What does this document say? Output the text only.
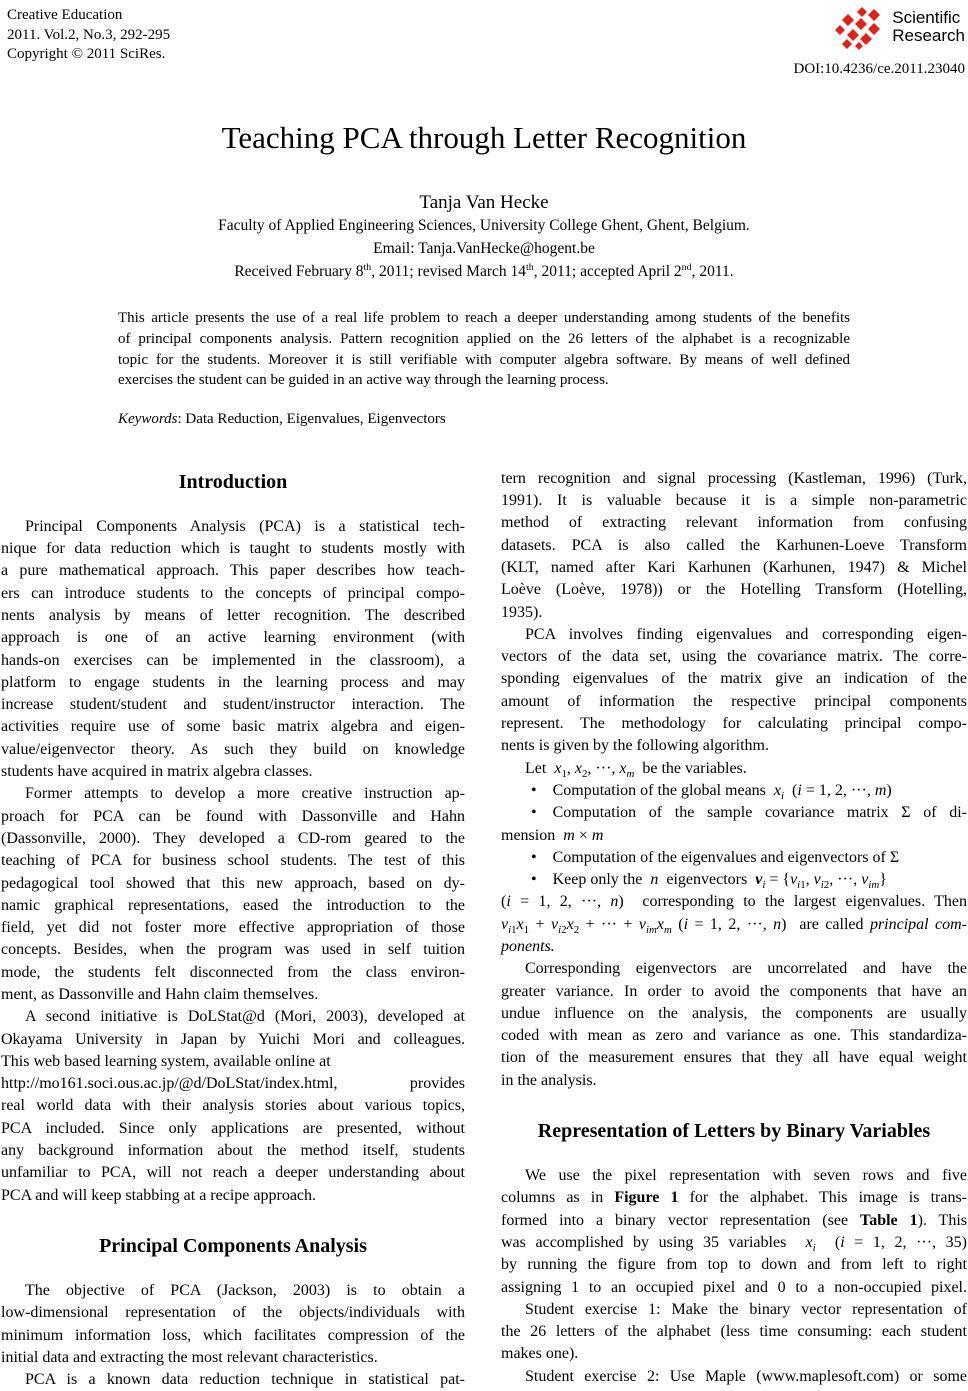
Creative Education
2011. Vol.2, No.3, 292-295
Copyright © 2011 SciRes.
Scientific
Research
DOI:10.4236/ce.2011.23040
Teaching PCA through Letter Recognition
Tanja Van Hecke
Faculty of Applied Engineering Sciences, University College Ghent, Ghent, Belgium.
Email: Tanja.VanHecke@hogent.be
Received February 8th, 2011; revised March 14th, 2011; accepted April 2nd, 2011.
This article presents the use of a real life problem to reach a deeper understanding among students of the benefits
of principal components analysis. Pattern recognition applied on the 26 letters of the alphabet is a recognizable
topic for the students. Moreover it is still verifiable with computer algebra software. By means of well defined
exercises the student can be guided in an active way through the learning process.
Keywords: Data Reduction, Eigenvalues, Eigenvectors
Introduction
Principal Components Analysis (PCA) is a statistical tech-
nique for data reduction which is taught to students mostly with
a pure mathematical approach. This paper describes how teach-
ers can introduce students to the concepts of principal compo-
nents analysis by means of letter recognition. The described
approach is one of an active learning environment (with
hands-on exercises can be implemented in the classroom), a
platform to engage students in the learning process and may
increase student/student and student/instructor interaction. The
activities require use of some basic matrix algebra and eigen-
value/eigenvector theory. As such they build on knowledge
students have acquired in matrix algebra classes.
Former attempts to develop a more creative instruction ap-
proach for PCA can be found with Dassonville and Hahn
(Dassonville, 2000). They developed a CD-rom geared to the
teaching of PCA for business school students. The test of this
pedagogical tool showed that this new approach, based on dy-
namic graphical representations, eased the introduction to the
field, yet did not foster more effective appropriation of those
concepts. Besides, when the program was used in self tuition
mode, the students felt disconnected from the class environ-
ment, as Dassonville and Hahn claim themselves.
A second initiative is DoLStat@d (Mori, 2003), developed at
Okayama University in Japan by Yuichi Mori and colleagues.
This web based learning system, available online at
http://mo161.soci.ous.ac.jp/@d/DoLStat/index.html, provides
real world data with their analysis stories about various topics,
PCA included. Since only applications are presented, without
any background information about the method itself, students
unfamiliar to PCA, will not reach a deeper understanding about
PCA and will keep stabbing at a recipe approach.
Principal Components Analysis
The objective of PCA (Jackson, 2003) is to obtain a
low-dimensional representation of the objects/individuals with
minimum information loss, which facilitates compression of the
initial data and extracting the most relevant characteristics.
PCA is a known data reduction technique in statistical pat-
tern recognition and signal processing (Kastleman, 1996) (Turk,
1991). It is valuable because it is a simple non-parametric
method of extracting relevant information from confusing
datasets. PCA is also called the Karhunen-Loeve Transform
(KLT, named after Kari Karhunen (Karhunen, 1947) & Michel
Loève (Loève, 1978)) or the Hotelling Transform (Hotelling,
1935).
PCA involves finding eigenvalues and corresponding eigen-
vectors of the data set, using the covariance matrix. The corre-
sponding eigenvalues of the matrix give an indication of the
amount of information the respective principal components
represent. The methodology for calculating principal compo-
nents is given by the following algorithm.
Let  $x_1$, $x_2$, ···, $x_m$  be the variables.
• Computation of the global means  $x_i$  (i = 1, 2, ···, m)
• Computation of the sample covariance matrix Σ of di-
mension  m × m
• Computation of the eigenvalues and eigenvectors of Σ
• Keep only the  n  eigenvectors  $v_i = \{v_{i1}$, $v_{i2}$, ···, $v_{im}$}
(i = 1, 2, ···, n)  corresponding to the largest eigenvalues. Then
$v_{i1}x_1 + v_{i2}x_2$ + ··· + $v_{im}x_m$ (i = 1, 2, ···, n)  are called principal com-
ponents.
Corresponding eigenvectors are uncorrelated and have the
greater variance. In order to avoid the components that have an
undue influence on the analysis, the components are usually
coded with mean as zero and variance as one. This standardiza-
tion of the measurement ensures that they all have equal weight
in the analysis.
Representation of Letters by Binary Variables
We use the pixel representation with seven rows and five
columns as in Figure 1 for the alphabet. This image is trans-
formed into a binary vector representation (see Table 1). This
was accomplished by using 35 variables  $x_i$  (i = 1, 2, ···, 35)
by running the figure from top to down and from left to right
assigning 1 to an occupied pixel and 0 to a non-occupied pixel.
Student exercise 1: Make the binary vector representation of
the 26 letters of the alphabet (less time consuming: each student
makes one).
Student exercise 2: Use Maple (www.maplesoft.com) or some
